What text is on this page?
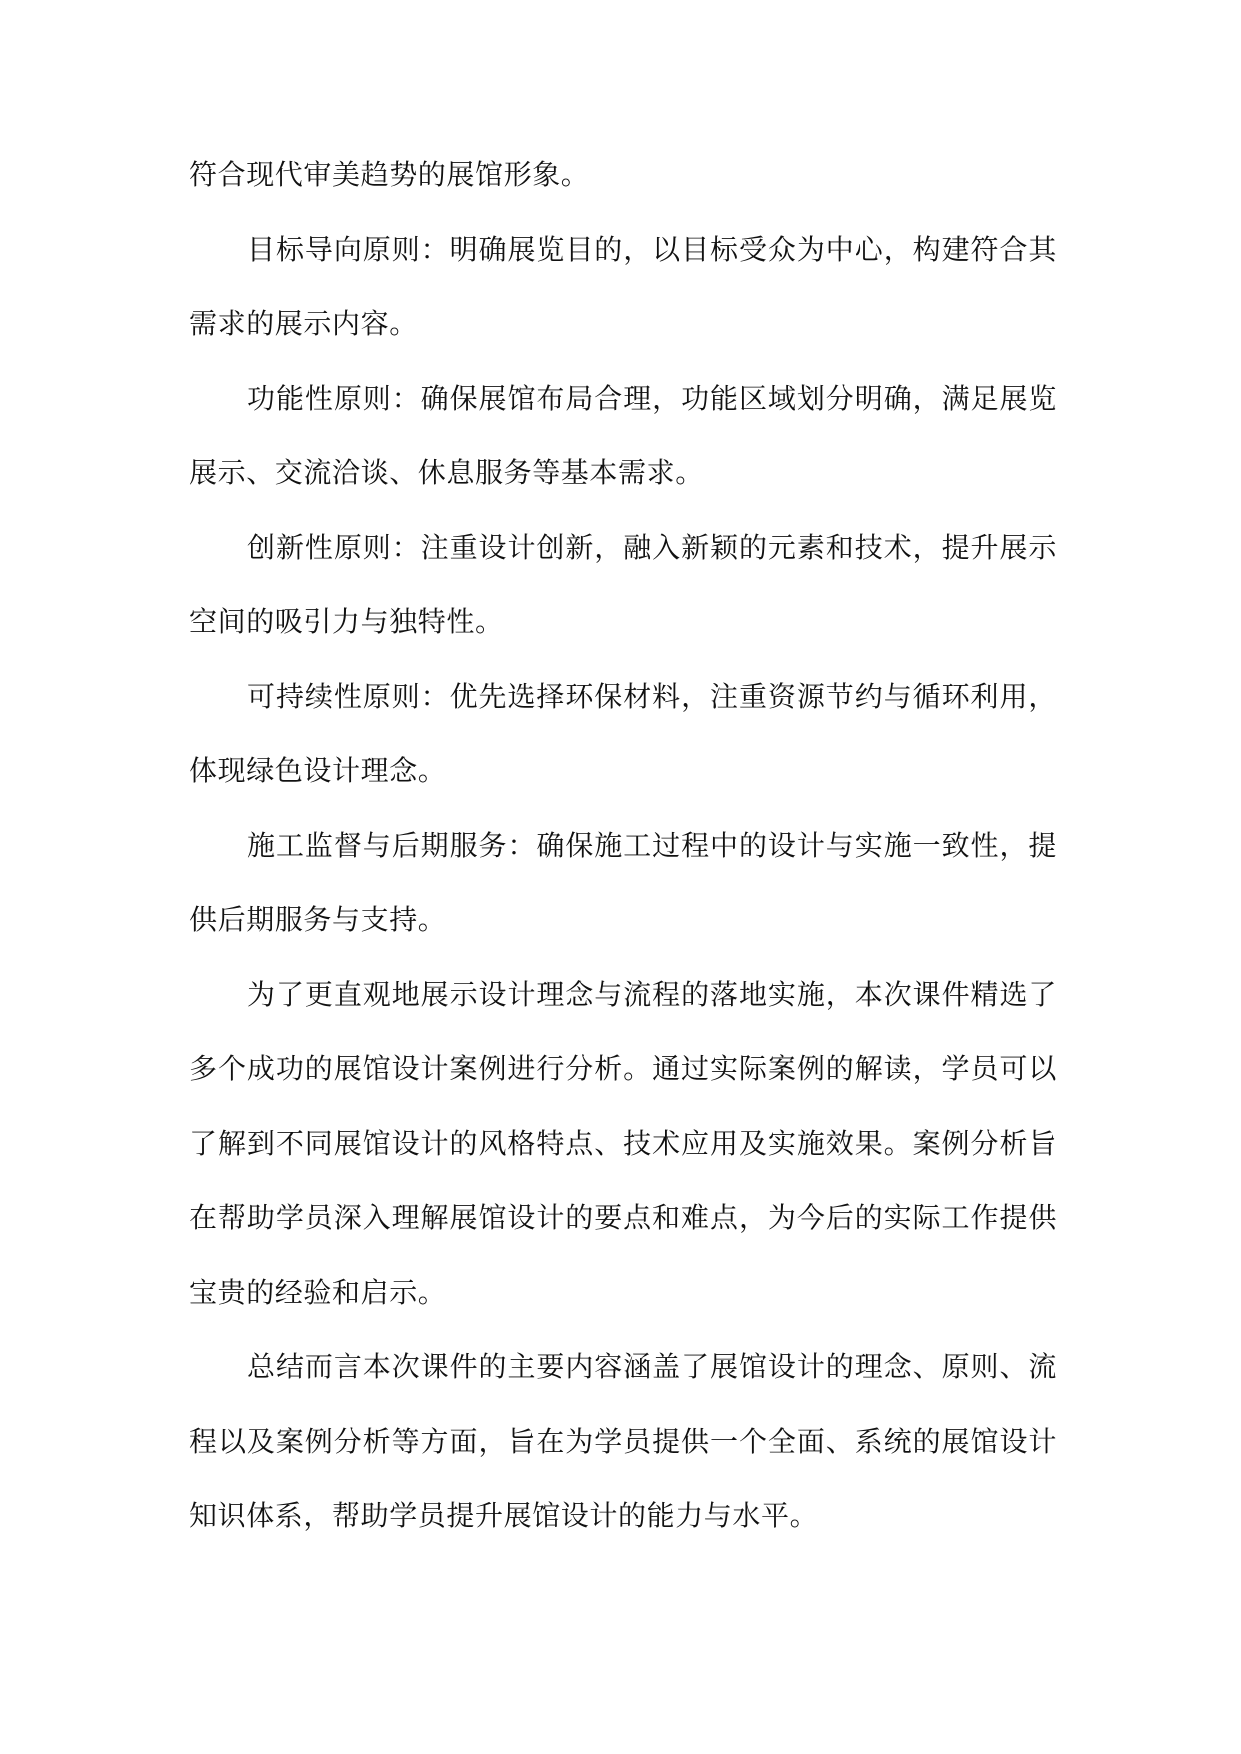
符合现代审美趋势的展馆形象。

目标导向原则：明确展览目的，以目标受众为中心，构建符合其需求的展示内容。

功能性原则：确保展馆布局合理，功能区域划分明确，满足展览展示、交流洽谈、休息服务等基本需求。

创新性原则：注重设计创新，融入新颖的元素和技术，提升展示空间的吸引力与独特性。

可持续性原则：优先选择环保材料，注重资源节约与循环利用，体现绿色设计理念。

施工监督与后期服务：确保施工过程中的设计与实施一致性，提供后期服务与支持。

为了更直观地展示设计理念与流程的落地实施，本次课件精选了多个成功的展馆设计案例进行分析。通过实际案例的解读，学员可以了解到不同展馆设计的风格特点、技术应用及实施效果。案例分析旨在帮助学员深入理解展馆设计的要点和难点，为今后的实际工作提供宝贵的经验和启示。

总结而言本次课件的主要内容涵盖了展馆设计的理念、原则、流程以及案例分析等方面，旨在为学员提供一个全面、系统的展馆设计知识体系，帮助学员提升展馆设计的能力与水平。
